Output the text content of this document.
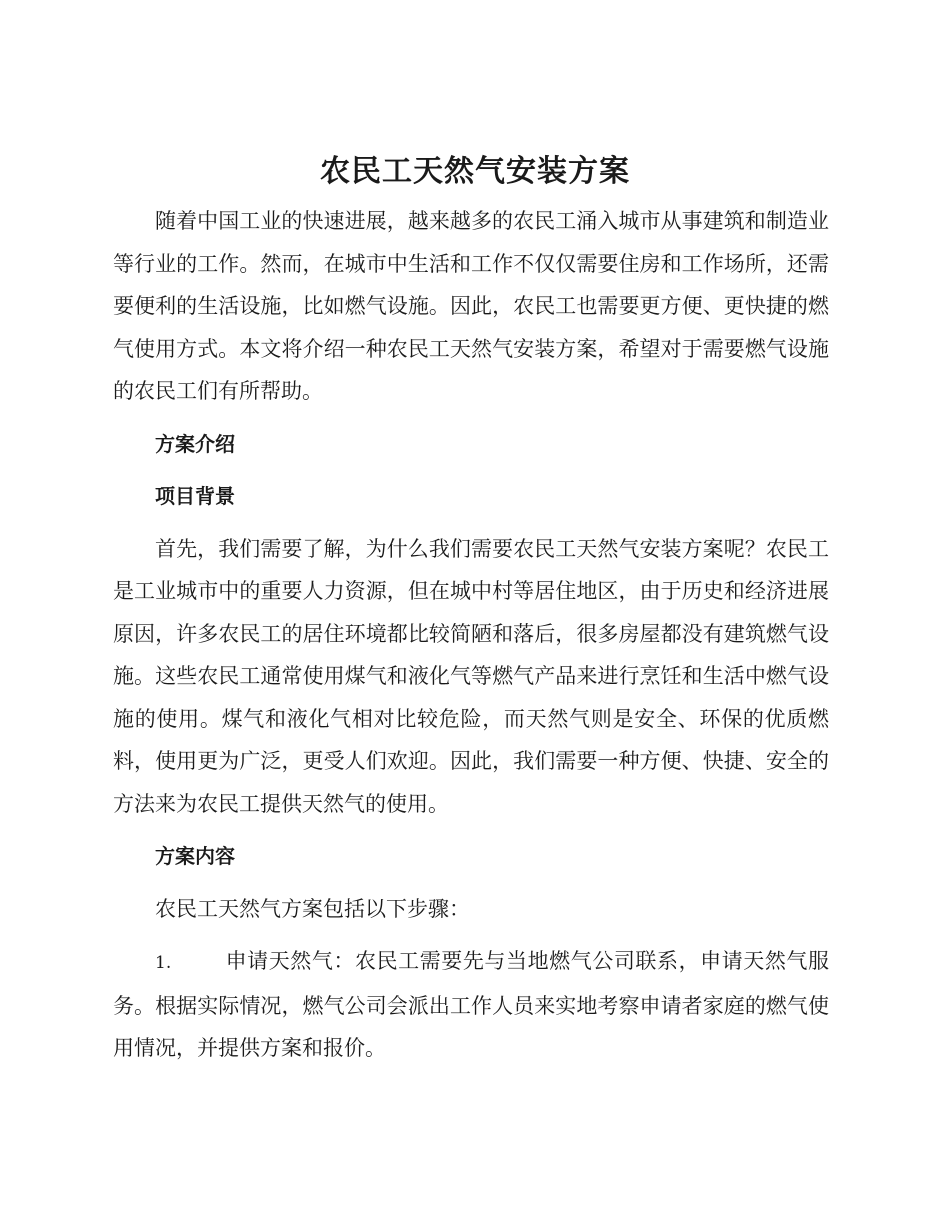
农民工天然气安装方案

随着中国工业的快速进展，越来越多的农民工涌入城市从事建筑和制造业等行业的工作。然而，在城市中生活和工作不仅仅需要住房和工作场所，还需要便利的生活设施，比如燃气设施。因此，农民工也需要更方便、更快捷的燃气使用方式。本文将介绍一种农民工天然气安装方案，希望对于需要燃气设施的农民工们有所帮助。

方案介绍

项目背景

首先，我们需要了解，为什么我们需要农民工天然气安装方案呢？农民工是工业城市中的重要人力资源，但在城中村等居住地区，由于历史和经济进展原因，许多农民工的居住环境都比较简陋和落后，很多房屋都没有建筑燃气设施。这些农民工通常使用煤气和液化气等燃气产品来进行烹饪和生活中燃气设施的使用。煤气和液化气相对比较危险，而天然气则是安全、环保的优质燃料，使用更为广泛，更受人们欢迎。因此，我们需要一种方便、快捷、安全的方法来为农民工提供天然气的使用。

方案内容

农民工天然气方案包括以下步骤：

1.	申请天然气：农民工需要先与当地燃气公司联系，申请天然气服务。根据实际情况，燃气公司会派出工作人员来实地考察申请者家庭的燃气使用情况，并提供方案和报价。
